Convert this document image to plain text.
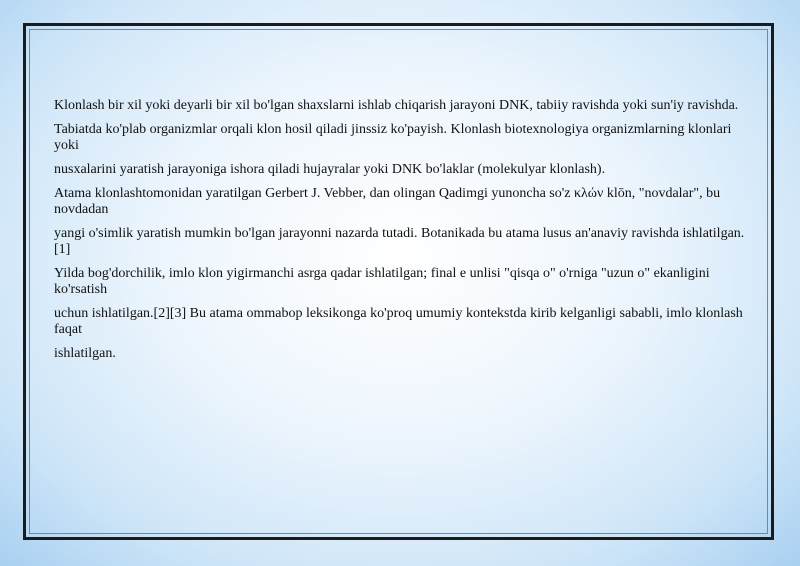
Klonlash bir xil yoki deyarli bir xil bo'lgan shaxslarni ishlab chiqarish jarayoni DNK, tabiiy ravishda yoki sun'iy ravishda.

Tabiatda ko'plab organizmlar orqali klon hosil qiladi jinssiz ko'payish. Klonlash biotexnologiya organizmlarning klonlari yoki

nusxalarini yaratish jarayoniga ishora qiladi hujayralar yoki DNK bo'laklar (molekulyar klonlash).

Atama klonlashtomonidan yaratilgan Gerbert J. Vebber, dan olingan Qadimgi yunoncha so'z κλών klōn, "novdalar", bu novdadan

yangi o'simlik yaratish mumkin bo'lgan jarayonni nazarda tutadi. Botanikada bu atama lusus an'anaviy ravishda ishlatilgan.[1]

Yilda bog'dorchilik, imlo klon yigirmanchi asrga qadar ishlatilgan; final e unlisi "qisqa o" o'rniga "uzun o" ekanligini ko'rsatish

uchun ishlatilgan.[2][3] Bu atama ommabop leksikonga ko'proq umumiy kontekstda kirib kelganligi sababli, imlo klonlash faqat

ishlatilgan.
